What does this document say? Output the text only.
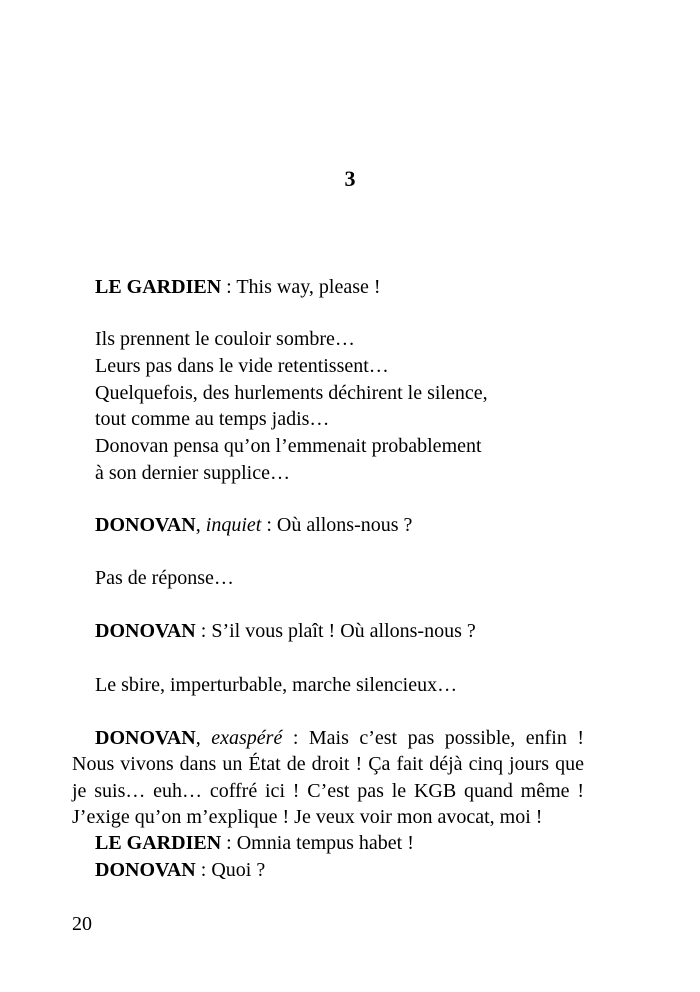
3
LE GARDIEN : This way, please !
Ils prennent le couloir sombre…
Leurs pas dans le vide retentissent…
Quelquefois, des hurlements déchirent le silence,
tout comme au temps jadis…
Donovan pensa qu’on l’emmenait probablement
à son dernier supplice…
DONOVAN, inquiet : Où allons-nous ?
Pas de réponse…
DONOVAN : S’il vous plaît ! Où allons-nous ?
Le sbire, imperturbable, marche silencieux…
DONOVAN, exaspéré : Mais c’est pas possible, enfin !
Nous vivons dans un État de droit ! Ça fait déjà cinq jours que
je suis… euh… coffré ici ! C’est pas le KGB quand même !
J’exige qu’on m’explique ! Je veux voir mon avocat, moi !
LE GARDIEN : Omnia tempus habet !
DONOVAN : Quoi ?
20
